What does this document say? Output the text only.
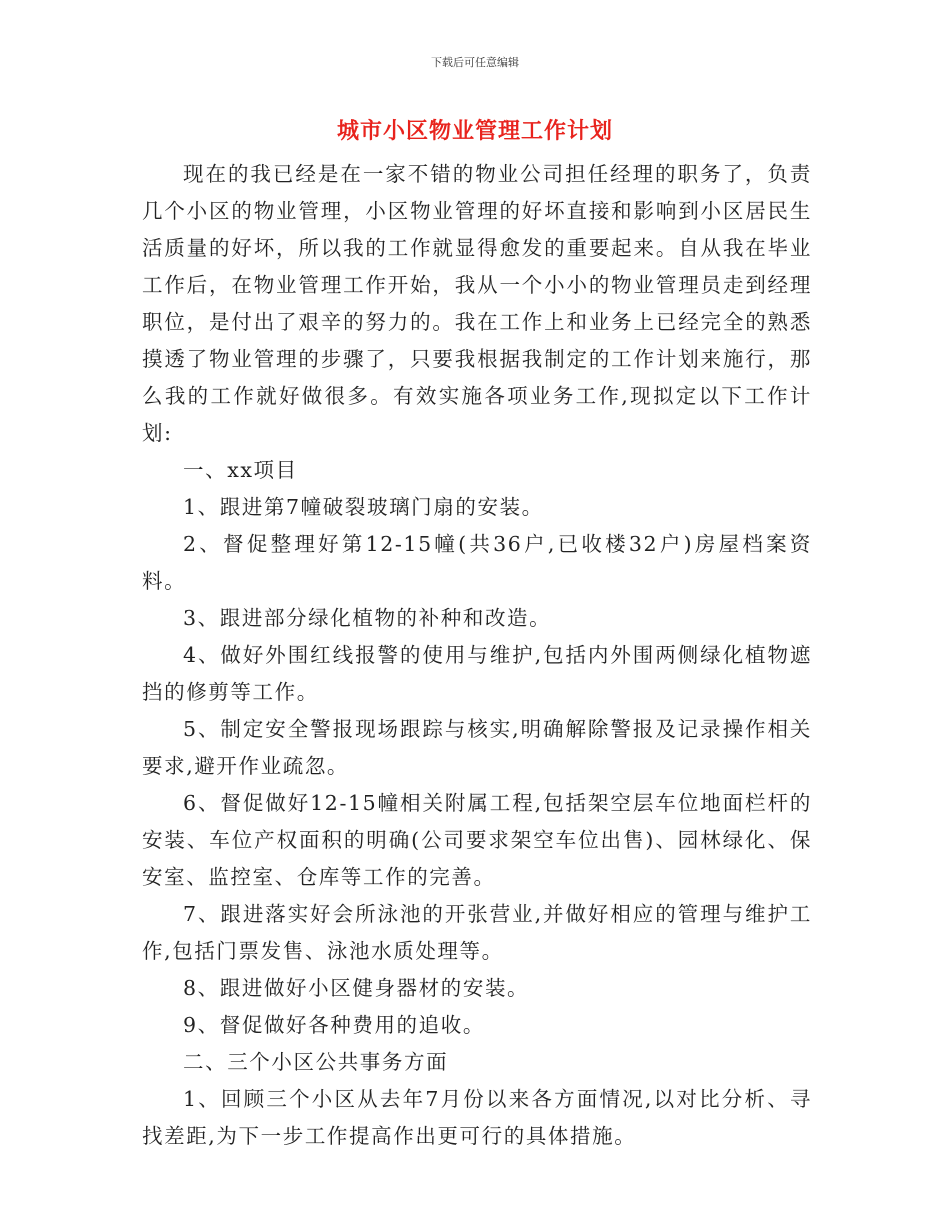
下载后可任意编辑
城市小区物业管理工作计划

现在的我已经是在一家不错的物业公司担任经理的职务了，负责几个小区的物业管理，小区物业管理的好坏直接和影响到小区居民生活质量的好坏，所以我的工作就显得愈发的重要起来。自从我在毕业工作后，在物业管理工作开始，我从一个小小的物业管理员走到经理职位，是付出了艰辛的努力的。我在工作上和业务上已经完全的熟悉摸透了物业管理的步骤了，只要我根据我制定的工作计划来施行，那么我的工作就好做很多。有效实施各项业务工作,现拟定以下工作计划:

一、xx项目

1、跟进第7幢破裂玻璃门扇的安装。

2、督促整理好第12-15幢(共36户,已收楼32户)房屋档案资料。

3、跟进部分绿化植物的补种和改造。

4、做好外围红线报警的使用与维护,包括内外围两侧绿化植物遮挡的修剪等工作。

5、制定安全警报现场跟踪与核实,明确解除警报及记录操作相关要求,避开作业疏忽。

6、督促做好12-15幢相关附属工程,包括架空层车位地面栏杆的安装、车位产权面积的明确(公司要求架空车位出售)、园林绿化、保安室、监控室、仓库等工作的完善。

7、跟进落实好会所泳池的开张营业,并做好相应的管理与维护工作,包括门票发售、泳池水质处理等。

8、跟进做好小区健身器材的安装。

9、督促做好各种费用的追收。

二、三个小区公共事务方面

1、回顾三个小区从去年7月份以来各方面情况,以对比分析、寻找差距,为下一步工作提高作出更可行的具体措施。
